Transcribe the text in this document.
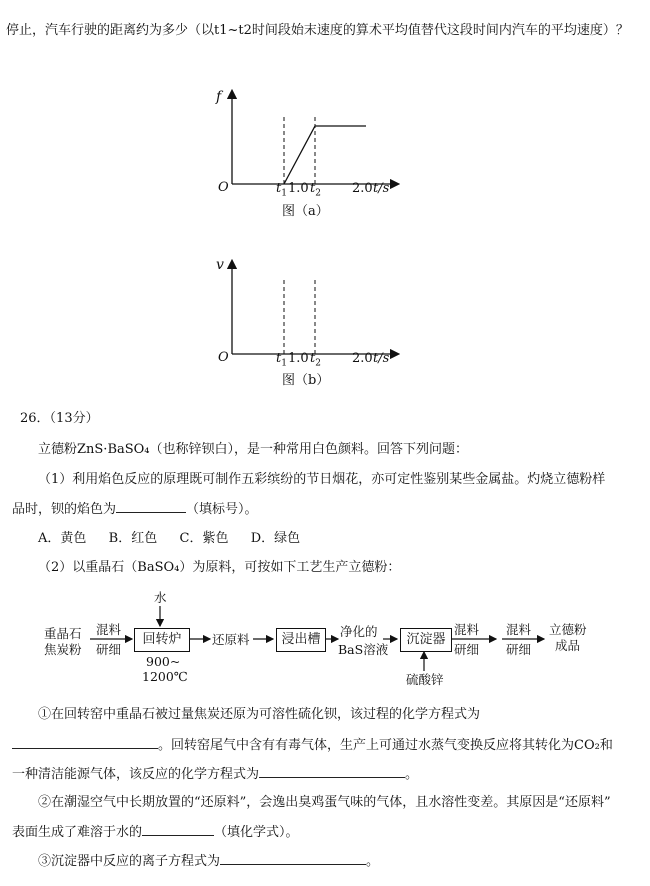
停止，汽车行驶的距离约为多少（以t1~t2时间段始末速度的算术平均值替代这段时间内汽车的平均速度）？
f
O	$t_1$ 1.0 $t_2$ 2.0 t/s
图（a）
v
O	$t_1$ 1.0 $t_2$ 2.0 t/s
图（b）
26．（13分）
立德粉ZnS·BaSO₄（也称锌钡白），是一种常用白色颜料。回答下列问题：
（1）利用焰色反应的原理既可制作五彩缤纷的节日烟花，亦可定性鉴别某些金属盐。灼烧立德粉样
品时，钡的焰色为	（填标号）。
A．黄色 B．红色 C．紫色 D．绿色
（2）以重晶石（BaSO₄）为原料，可按如下工艺生产立德粉：
水
重晶石
焦炭粉
混料
研细
回转炉
900~
1200℃
还原料	浸出槽
净化的
BaS溶液
沉淀器
硫酸锌
混料
研细
混料
研细
立德粉
成品
①在回转窑中重晶石被过量焦炭还原为可溶性硫化钡，该过程的化学方程式为
。回转窑尾气中含有有毒气体，生产上可通过水蒸气变换反应将其转化为CO₂和
一种清洁能源气体，该反应的化学方程式为	。
②在潮湿空气中长期放置的“还原料”，会逸出臭鸡蛋气味的气体，且水溶性变差。其原因是“还原料”
表面生成了难溶于水的	（填化学式）。
③沉淀器中反应的离子方程式为	。
